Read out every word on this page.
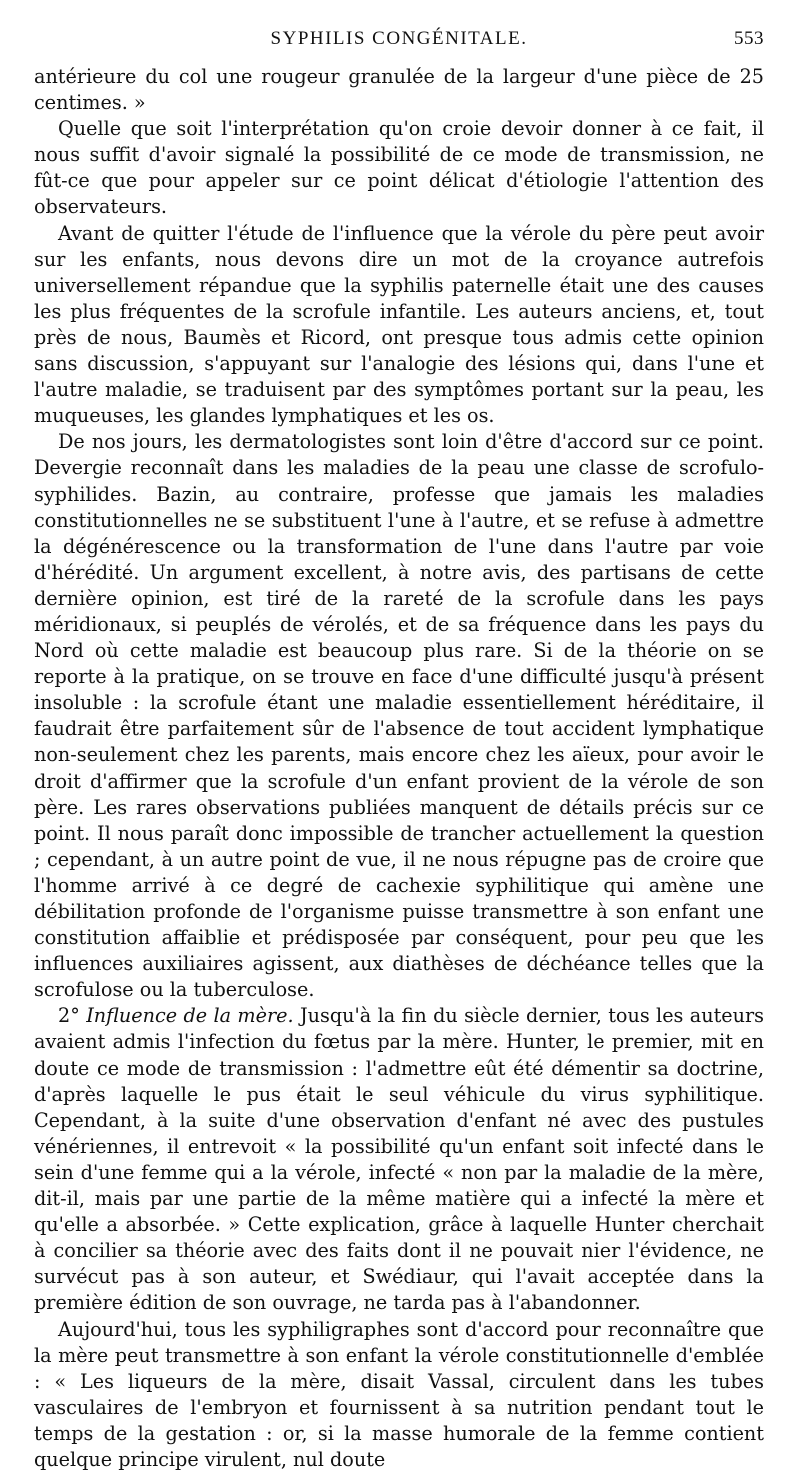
SYPHILIS CONGÉNITALE.	553

antérieure du col une rougeur granulée de la largeur d'une pièce de 25 centimes. »

Quelle que soit l'interprétation qu'on croie devoir donner à ce fait, il nous suffit d'avoir signalé la possibilité de ce mode de transmission, ne fût-ce que pour appeler sur ce point délicat d'étiologie l'attention des observateurs.

Avant de quitter l'étude de l'influence que la vérole du père peut avoir sur les enfants, nous devons dire un mot de la croyance autrefois universellement répandue que la syphilis paternelle était une des causes les plus fréquentes de la scrofule infantile. Les auteurs anciens, et, tout près de nous, Baumès et Ricord, ont presque tous admis cette opinion sans discussion, s'appuyant sur l'analogie des lésions qui, dans l'une et l'autre maladie, se traduisent par des symptômes portant sur la peau, les muqueuses, les glandes lymphatiques et les os.

De nos jours, les dermatologistes sont loin d'être d'accord sur ce point. Devergie reconnaît dans les maladies de la peau une classe de scrofulo-syphilides. Bazin, au contraire, professe que jamais les maladies constitutionnelles ne se substituent l'une à l'autre, et se refuse à admettre la dégénérescence ou la transformation de l'une dans l'autre par voie d'hérédité. Un argument excellent, à notre avis, des partisans de cette dernière opinion, est tiré de la rareté de la scrofule dans les pays méridionaux, si peuplés de vérolés, et de sa fréquence dans les pays du Nord où cette maladie est beaucoup plus rare. Si de la théorie on se reporte à la pratique, on se trouve en face d'une difficulté jusqu'à présent insoluble : la scrofule étant une maladie essentiellement héréditaire, il faudrait être parfaitement sûr de l'absence de tout accident lymphatique non-seulement chez les parents, mais encore chez les aïeux, pour avoir le droit d'affirmer que la scrofule d'un enfant provient de la vérole de son père. Les rares observations publiées manquent de détails précis sur ce point. Il nous paraît donc impossible de trancher actuellement la question ; cependant, à un autre point de vue, il ne nous répugne pas de croire que l'homme arrivé à ce degré de cachexie syphilitique qui amène une débilitation profonde de l'organisme puisse transmettre à son enfant une constitution affaiblie et prédisposée par conséquent, pour peu que les influences auxiliaires agissent, aux diathèses de déchéance telles que la scrofulose ou la tuberculose.

2° Influence de la mère. Jusqu'à la fin du siècle dernier, tous les auteurs avaient admis l'infection du fœtus par la mère. Hunter, le premier, mit en doute ce mode de transmission : l'admettre eût été démentir sa doctrine, d'après laquelle le pus était le seul véhicule du virus syphilitique. Cependant, à la suite d'une observation d'enfant né avec des pustules vénériennes, il entrevoit « la possibilité qu'un enfant soit infecté dans le sein d'une femme qui a la vérole, infecté « non par la maladie de la mère, dit-il, mais par une partie de la même matière qui a infecté la mère et qu'elle a absorbée. » Cette explication, grâce à laquelle Hunter cherchait à concilier sa théorie avec des faits dont il ne pouvait nier l'évidence, ne survécut pas à son auteur, et Swédiaur, qui l'avait acceptée dans la première édition de son ouvrage, ne tarda pas à l'abandonner.

Aujourd'hui, tous les syphiligraphes sont d'accord pour reconnaître que la mère peut transmettre à son enfant la vérole constitutionnelle d'emblée : « Les liqueurs de la mère, disait Vassal, circulent dans les tubes vasculaires de l'embryon et fournissent à sa nutrition pendant tout le temps de la gestation : or, si la masse humorale de la femme contient quelque principe virulent, nul doute
